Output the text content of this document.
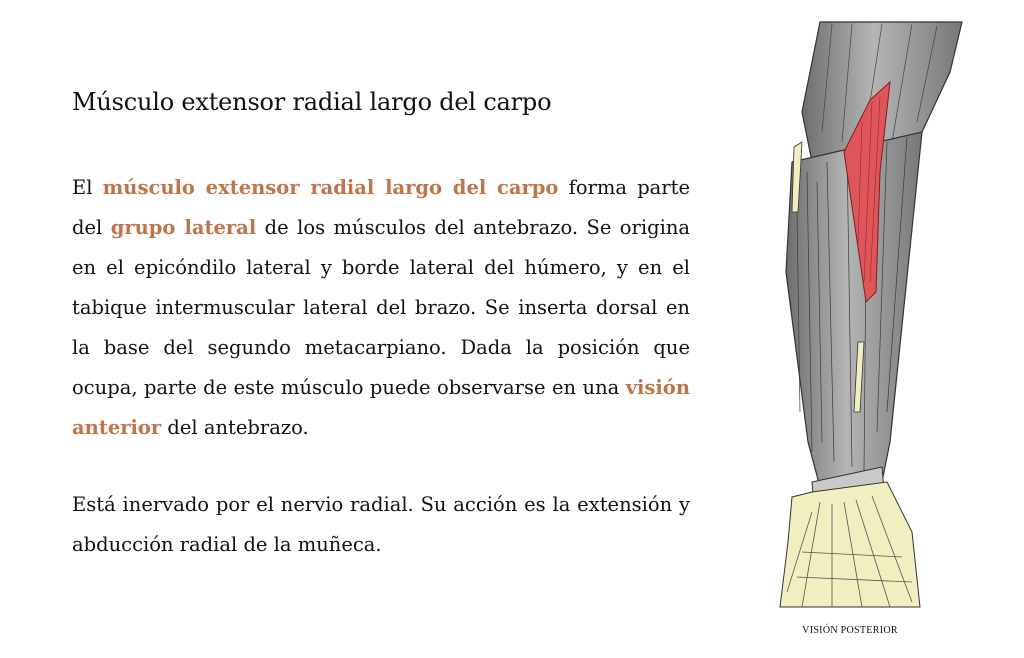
Músculo extensor radial largo del carpo

El músculo extensor radial largo del carpo forma parte del grupo lateral de los músculos del antebrazo. Se origina en el epicóndilo lateral y borde lateral del húmero, y en el tabique intermuscular lateral del brazo. Se inserta dorsal en la base del segundo metacarpiano. Dada la posición que ocupa, parte de este músculo puede observarse en una visión anterior del antebrazo.

Está inervado por el nervio radial. Su acción es la extensión y abducción radial de la muñeca.

VISIÓN POSTERIOR
